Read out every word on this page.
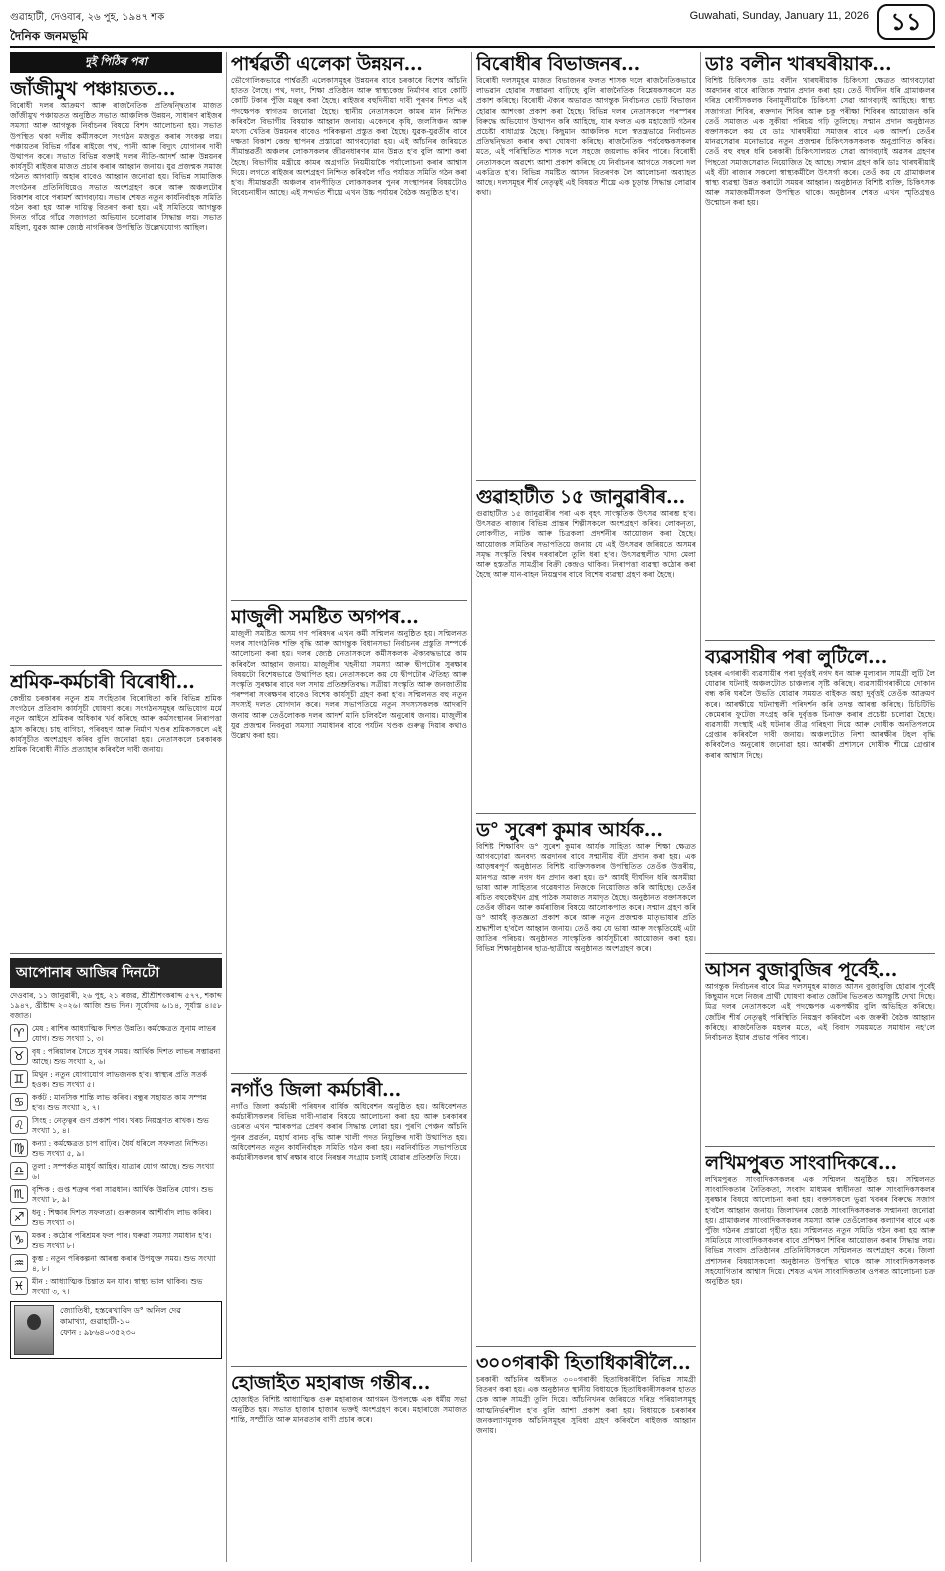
গুৱাহাটী, দেওবাৰ, ২৬ পুহ, ১৯৪৭ শক	Guwahati, Sunday, January 11, 2026
দৈনিক জনমভূমি	১১
দুই পিঠিৰ পৰা
জাঁজীমুখ পঞ্চায়তত...
বিৰোধী দলৰ আক্ৰমণ আৰু ৰাজনৈতিক প্ৰতিদ্বন্দ্বিতাৰ মাজত জাঁজীমুখ পঞ্চায়তত অনুষ্ঠিত সভাত আঞ্চলিক উন্নয়ন, সাধাৰণ ৰাইজৰ সমস্যা আৰু আগন্তুক নিৰ্বাচনৰ বিষয়ে বিশদ আলোচনা হয়। সভাত উপস্থিত থকা দলীয় কৰ্মীসকলে সংগঠন মজবুত কৰাৰ সংকল্প লয়। পঞ্চায়তৰ বিভিন্ন গাঁৱৰ ৰাইজে পথ, পানী আৰু বিদ্যুৎ যোগানৰ দাবী উত্থাপন কৰে। সভাত বিভিন্ন বক্তাই দলৰ নীতি-আদৰ্শ আৰু উন্নয়নৰ কাৰ্যসূচী ৰাইজৰ মাজত প্ৰচাৰ কৰাৰ আহ্বান জনায়। যুৱ প্ৰজন্মক সমাজ গঠনত আগবাঢ়ি অহাৰ বাবেও আহ্বান জনোৱা হয়। বিভিন্ন সামাজিক সংগঠনৰ প্ৰতিনিধিয়েও সভাত অংশগ্ৰহণ কৰে আৰু অঞ্চলটোৰ বিকাশৰ বাবে পৰামৰ্শ আগবঢ়ায়। সভাৰ শেষত নতুন কাৰ্যনিৰ্বাহক সমিতি গঠন কৰা হয় আৰু দায়িত্ব বিতৰণ কৰা হয়। এই সমিতিয়ে আগন্তুক দিনত গাঁৱে গাঁৱে সজাগতা অভিযান চলোৱাৰ সিদ্ধান্ত লয়। সভাত মহিলা, যুৱক আৰু জ্যেষ্ঠ নাগৰিকৰ উপস্থিতি উল্লেখযোগ্য আছিল।
শ্ৰমিক-কৰ্মচাৰী বিৰোধী...
কেন্দ্ৰীয় চৰকাৰৰ নতুন শ্ৰম সংহিতাৰ বিৰোধিতা কৰি বিভিন্ন শ্ৰমিক সংগঠনে প্ৰতিবাদ কাৰ্যসূচী ঘোষণা কৰে। সংগঠনসমূহৰ অভিযোগ মৰ্মে নতুন আইনে শ্ৰমিকৰ অধিকাৰ খৰ্ব কৰিছে আৰু কৰ্মসংস্থানৰ নিৰাপত্তা হ্ৰাস কৰিছে। চাহ বাগিচা, পৰিবহণ আৰু নিৰ্মাণ খণ্ডৰ শ্ৰমিকসকলে এই কাৰ্যসূচীত অংশগ্ৰহণ কৰিব বুলি জনোৱা হয়। নেতাসকলে চৰকাৰক শ্ৰমিক বিৰোধী নীতি প্ৰত্যাহাৰ কৰিবলৈ দাবী জনায়।
আপোনাৰ আজিৰ দিনটো
দেওবাৰ, ১১ জানুৱাৰী, ২৬ পুহ, ২১ ৰজৱ, শ্ৰীশ্ৰীশংকৰাব্দ ৫৭৭, শকাব্দ ১৯৪৭, খ্ৰীষ্টাব্দ ২০২৬। আজি শুভ দিন। সূৰ্যোদয় ৬।১৪, সূৰ্যাস্ত ৪।৫৮ বজাত।
♈	মেষ : ৰাশিৰ আধ্যাত্মিক দিশত উন্নতি। কৰ্মক্ষেত্ৰত সুনাম লাভৰ যোগ। শুভ সংখ্যা ১, ৩।
♉	বৃষ : পৰিয়ালৰ সৈতে সুখৰ সময়। আৰ্থিক দিশত লাভৰ সম্ভাৱনা আছে। শুভ সংখ্যা ২, ৬।
♊	মিথুন : নতুন যোগাযোগ লাভজনক হ'ব। স্বাস্থ্যৰ প্ৰতি সতৰ্ক হওক। শুভ সংখ্যা ৫।
♋	কৰ্কট : মানসিক শান্তি লাভ কৰিব। বন্ধুৰ সহায়ত কাম সম্পন্ন হ'ব। শুভ সংখ্যা ২, ৭।
♌	সিংহ : নেতৃত্বৰ গুণ প্ৰকাশ পাব। খৰচ নিয়ন্ত্ৰণত ৰাখক। শুভ সংখ্যা ১, ৪।
♍	কন্যা : কৰ্মক্ষেত্ৰত চাপ বাঢ়িব। ধৈৰ্য ধৰিলে সফলতা নিশ্চিত। শুভ সংখ্যা ৫, ৯।
♎	তুলা : সম্পৰ্কত মাধুৰ্য আহিব। যাত্ৰাৰ যোগ আছে। শুভ সংখ্যা ৬।
♏	বৃশ্চিক : গুপ্ত শত্ৰুৰ পৰা সাৱধান। আৰ্থিক উন্নতিৰ যোগ। শুভ সংখ্যা ৮, ৯।
♐	ধনু : শিক্ষাৰ দিশত সফলতা। গুৰুজনৰ আশীৰ্বাদ লাভ কৰিব। শুভ সংখ্যা ৩।
♑	মকৰ : কঠোৰ পৰিশ্ৰমৰ ফল পাব। ঘৰুৱা সমস্যা সমাধান হ'ব। শুভ সংখ্যা ৮।
♒	কুম্ভ : নতুন পৰিকল্পনা আৰম্ভ কৰাৰ উপযুক্ত সময়। শুভ সংখ্যা ৪, ৮।
♓	মীন : আধ্যাত্মিক চিন্তাত মন যাব। স্বাস্থ্য ভাল থাকিব। শুভ সংখ্যা ৩, ৭।
জ্যোতিষী, হস্তৰেখাবিদ ড° অনিল দেৱ
কামাখ্যা, গুৱাহাটী-১০
ফোন : ৯৮৬৪০৩৫২৩০
পাৰ্শ্বৱৰ্তী এলেকা উন্নয়ন...
ভৌগোলিকভাৱে পাৰ্শ্বৱৰ্তী এলেকাসমূহৰ উন্নয়নৰ বাবে চৰকাৰে বিশেষ আঁচনি হাতত লৈছে। পথ, দলং, শিক্ষা প্ৰতিষ্ঠান আৰু স্বাস্থ্যকেন্দ্ৰ নিৰ্মাণৰ বাবে কোটি কোটি টকাৰ পুঁজি মঞ্জুৰ কৰা হৈছে। ৰাইজৰ বহুদিনীয়া দাবী পূৰণৰ দিশত এই পদক্ষেপক স্বাগতম জনোৱা হৈছে। স্থানীয় নেতাসকলে কামৰ মান নিশ্চিত কৰিবলৈ বিভাগীয় বিষয়াক আহ্বান জনায়। একেদৰে কৃষি, জলসিঞ্চন আৰু মৎস্য খেতিৰ উন্নয়নৰ বাবেও পৰিকল্পনা প্ৰস্তুত কৰা হৈছে। যুৱক-যুৱতীৰ বাবে দক্ষতা বিকাশ কেন্দ্ৰ স্থাপনৰ প্ৰস্তাৱো আগবঢ়োৱা হয়। এই আঁচনিৰ জৰিয়তে সীমান্তৱৰ্তী অঞ্চলৰ লোকসকলৰ জীৱনধাৰণৰ মান উন্নত হ'ব বুলি আশা কৰা হৈছে। বিভাগীয় মন্ত্ৰীয়ে কামৰ অগ্ৰগতি নিয়মীয়াকৈ পৰ্যালোচনা কৰাৰ আশ্বাস দিয়ে। লগতে ৰাইজৰ অংশগ্ৰহণ নিশ্চিত কৰিবলৈ গাঁও পৰ্যায়ত সমিতি গঠন কৰা হ'ব। সীমান্তৱৰ্তী অঞ্চলৰ বানপীড়িত লোকসকলৰ পুনৰ সংস্থাপনৰ বিষয়টোও বিবেচনাধীন আছে। এই সন্দৰ্ভত শীঘ্ৰে এখন উচ্চ পৰ্যায়ৰ বৈঠক অনুষ্ঠিত হ'ব।
মাজুলী সমষ্টিত অগপৰ...
মাজুলী সমষ্টিত অসম গণ পৰিষদৰ এখন কৰ্মী সন্মিলন অনুষ্ঠিত হয়। সন্মিলনত দলৰ সাংগঠনিক শক্তি বৃদ্ধি আৰু আগন্তুক বিধানসভা নিৰ্বাচনৰ প্ৰস্তুতি সম্পৰ্কে আলোচনা কৰা হয়। দলৰ জ্যেষ্ঠ নেতাসকলে কৰ্মীসকলক ঐক্যবদ্ধভাৱে কাম কৰিবলৈ আহ্বান জনায়। মাজুলীৰ খহনীয়া সমস্যা আৰু দ্বীপটোৰ সুৰক্ষাৰ বিষয়টো বিশেষভাৱে উত্থাপিত হয়। নেতাসকলে কয় যে দ্বীপটোৰ ঐতিহ্য আৰু সংস্কৃতি সুৰক্ষাৰ বাবে দল সদায় প্ৰতিশ্ৰুতিবদ্ধ। সত্ৰীয়া সংস্কৃতি আৰু জনজাতীয় পৰম্পৰা সংৰক্ষণৰ বাবেও বিশেষ কাৰ্যসূচী গ্ৰহণ কৰা হ'ব। সন্মিলনত বহু নতুন সদস্যই দলত যোগদান কৰে। দলৰ সভাপতিয়ে নতুন সদস্যসকলক আদৰণি জনায় আৰু তেওঁলোকক দলৰ আদৰ্শ মানি চলিবলৈ অনুৰোধ জনায়। মাজুলীৰ যুৱ প্ৰজন্মৰ নিবনুৱা সমস্যা সমাধানৰ বাবে পৰ্যটন খণ্ডক গুৰুত্ব দিয়াৰ কথাও উল্লেখ কৰা হয়।
নগাঁও জিলা কৰ্মচাৰী...
নগাঁও জিলা কৰ্মচাৰী পৰিষদৰ বাৰ্ষিক অধিবেশন অনুষ্ঠিত হয়। অধিবেশনত কৰ্মচাৰীসকলৰ বিভিন্ন দাবী-দাৱাৰ বিষয়ে আলোচনা কৰা হয় আৰু চৰকাৰৰ ওচৰত এখন স্মাৰকপত্ৰ প্ৰেৰণ কৰাৰ সিদ্ধান্ত লোৱা হয়। পুৰণি পেঞ্চন আঁচনি পুনৰ প্ৰৱৰ্তন, মহাৰ্ঘ বানচ বৃদ্ধি আৰু খালী পদত নিযুক্তিৰ দাবী উত্থাপিত হয়। অধিবেশনত নতুন কাৰ্যনিৰ্বাহক সমিতি গঠন কৰা হয়। নৱনিৰ্বাচিত সভাপতিয়ে কৰ্মচাৰীসকলৰ স্বাৰ্থ ৰক্ষাৰ বাবে নিৰন্তৰ সংগ্ৰাম চলাই যোৱাৰ প্ৰতিশ্ৰুতি দিয়ে।
হোজাইত মহাৰাজ গন্তীৰ...
হোজাইত বিশিষ্ট আধ্যাত্মিক গুৰু মহাৰাজৰ আগমন উপলক্ষে এক ধৰ্মীয় সভা অনুষ্ঠিত হয়। সভাত হাজাৰ হাজাৰ ভক্তই অংশগ্ৰহণ কৰে। মহাৰাজে সমাজত শান্তি, সম্প্ৰীতি আৰু মানৱতাৰ বাণী প্ৰচাৰ কৰে।
বিৰোধীৰ বিভাজনৰ...
বিৰোধী দলসমূহৰ মাজত বিভাজনৰ ফলত শাসক দলে ৰাজনৈতিকভাৱে লাভৱান হোৱাৰ সম্ভাৱনা বাঢ়িছে বুলি ৰাজনৈতিক বিশ্লেষকসকলে মত প্ৰকাশ কৰিছে। বিৰোধী ঐক্যৰ অভাৱত আগন্তুক নিৰ্বাচনত ভোট বিভাজন হোৱাৰ আশংকা প্ৰকাশ কৰা হৈছে। বিভিন্ন দলৰ নেতাসকলে পৰস্পৰৰ বিৰুদ্ধে অভিযোগ উত্থাপন কৰি আহিছে, যাৰ ফলত এক মহাজোট গঠনৰ প্ৰচেষ্টা বাধাগ্ৰস্ত হৈছে। কিছুমান আঞ্চলিক দলে স্বতন্ত্ৰভাৱে নিৰ্বাচনত প্ৰতিদ্বন্দ্বিতা কৰাৰ কথা ঘোষণা কৰিছে। ৰাজনৈতিক পৰ্যবেক্ষকসকলৰ মতে, এই পৰিস্থিতিত শাসক দলে সহজে জয়লাভ কৰিব পাৰে। বিৰোধী নেতাসকলে অৱশ্যে আশা প্ৰকাশ কৰিছে যে নিৰ্বাচনৰ আগতে সকলো দল একত্ৰিত হ'ব। বিভিন্ন সমষ্টিত আসন বিতৰণক লৈ আলোচনা অব্যাহত আছে। দলসমূহৰ শীৰ্ষ নেতৃত্বই এই বিষয়ত শীঘ্ৰে এক চূড়ান্ত সিদ্ধান্ত লোৱাৰ কথা।
গুৱাহাটীত ১৫ জানুৱাৰীৰ...
গুৱাহাটীত ১৫ জানুৱাৰীৰ পৰা এক বৃহৎ সাংস্কৃতিক উৎসৱ আৰম্ভ হ'ব। উৎসৱত ৰাজ্যৰ বিভিন্ন প্ৰান্তৰ শিল্পীসকলে অংশগ্ৰহণ কৰিব। লোকনৃত্য, লোকগীত, নাটক আৰু চিত্ৰকলা প্ৰদৰ্শনীৰ আয়োজন কৰা হৈছে। আয়োজক সমিতিৰ সভাপতিয়ে জনায় যে এই উৎসৱৰ জৰিয়তে অসমৰ সমৃদ্ধ সংস্কৃতি বিশ্বৰ দৰবাৰলৈ তুলি ধৰা হ'ব। উৎসৱস্থলীত খাদ্য মেলা আৰু হস্ততাঁত সামগ্ৰীৰ বিক্ৰী কেন্দ্ৰও থাকিব। নিৰাপত্তা ব্যৱস্থা কঠোৰ কৰা হৈছে আৰু যান-বাহন নিয়ন্ত্ৰণৰ বাবে বিশেষ ব্যৱস্থা গ্ৰহণ কৰা হৈছে।
ড° সুৰেশ কুমাৰ আৰ্যক...
বিশিষ্ট শিক্ষাবিদ ড° সুৰেশ কুমাৰ আৰ্যক সাহিত্য আৰু শিক্ষা ক্ষেত্ৰত আগবঢ়োৱা অনবদ্য অৱদানৰ বাবে সন্মানীয় বঁটা প্ৰদান কৰা হয়। এক আড়ম্বৰপূৰ্ণ অনুষ্ঠানত বিশিষ্ট ব্যক্তিসকলৰ উপস্থিতিত তেওঁক উত্তৰীয়, মানপত্ৰ আৰু নগদ ধন প্ৰদান কৰা হয়। ড° আৰ্যই দীৰ্ঘদিন ধৰি অসমীয়া ভাষা আৰু সাহিত্যৰ গৱেষণাত নিজকে নিয়োজিত কৰি আহিছে। তেওঁৰ ৰচিত বহুকেইখন গ্ৰন্থ পাঠক সমাজত সমাদৃত হৈছে। অনুষ্ঠানত বক্তাসকলে তেওঁৰ জীৱন আৰু কৰ্মৰাজিৰ বিষয়ে আলোকপাত কৰে। সন্মান গ্ৰহণ কৰি ড° আৰ্যই কৃতজ্ঞতা প্ৰকাশ কৰে আৰু নতুন প্ৰজন্মক মাতৃভাষাৰ প্ৰতি শ্ৰদ্ধাশীল হ'বলৈ আহ্বান জনায়। তেওঁ কয় যে ভাষা আৰু সংস্কৃতিয়েই এটা জাতিৰ পৰিচয়। অনুষ্ঠানত সাংস্কৃতিক কাৰ্যসূচীৰো আয়োজন কৰা হয়। বিভিন্ন শিক্ষানুষ্ঠানৰ ছাত্ৰ-ছাত্ৰীয়ে অনুষ্ঠানত অংশগ্ৰহণ কৰে।
৩০০গৰাকী হিতাধিকাৰীলৈ...
চৰকাৰী আঁচনিৰ অধীনত ৩০০গৰাকী হিতাধিকাৰীলৈ বিভিন্ন সামগ্ৰী বিতৰণ কৰা হয়। এক অনুষ্ঠানত স্থানীয় বিধায়কে হিতাধিকাৰীসকলৰ হাতত চেক আৰু সামগ্ৰী তুলি দিয়ে। আঁচনিখনৰ জৰিয়তে দৰিদ্ৰ পৰিয়ালসমূহ আত্মনিৰ্ভৰশীল হ'ব বুলি আশা প্ৰকাশ কৰা হয়। বিধায়কে চৰকাৰৰ জনকল্যাণমূলক আঁচনিসমূহৰ সুবিধা গ্ৰহণ কৰিবলৈ ৰাইজক আহ্বান জনায়।
ডাঃ বলীন খাৰঘৰীয়াক...
বিশিষ্ট চিকিৎসক ডাঃ বলীন খাৰঘৰীয়াক চিকিৎসা ক্ষেত্ৰত আগবঢ়োৱা অৱদানৰ বাবে ৰাজ্যিক সন্মান প্ৰদান কৰা হয়। তেওঁ দীৰ্ঘদিন ধৰি গ্ৰামাঞ্চলৰ দৰিদ্ৰ ৰোগীসকলক বিনামূলীয়াকৈ চিকিৎসা সেৱা আগবঢ়াই আহিছে। স্বাস্থ্য সজাগতা শিবিৰ, ৰক্তদান শিবিৰ আৰু চকু পৰীক্ষা শিবিৰৰ আয়োজন কৰি তেওঁ সমাজত এক সুকীয়া পৰিচয় গঢ়ি তুলিছে। সন্মান প্ৰদান অনুষ্ঠানত বক্তাসকলে কয় যে ডাঃ খাৰঘৰীয়া সমাজৰ বাবে এক আদৰ্শ। তেওঁৰ মানৱসেৱাৰ মনোভাৱে নতুন প্ৰজন্মৰ চিকিৎসকসকলক অনুপ্ৰাণিত কৰিব। তেওঁ বহু বছৰ ধৰি চৰকাৰী চিকিৎসালয়ত সেৱা আগবঢ়াই অৱসৰ গ্ৰহণৰ পিছতো সমাজসেৱাত নিয়োজিত হৈ আছে। সন্মান গ্ৰহণ কৰি ডাঃ খাৰঘৰীয়াই এই বঁটা ৰাজ্যৰ সকলো স্বাস্থ্যকৰ্মীলৈ উৎসৰ্গা কৰে। তেওঁ কয় যে গ্ৰামাঞ্চলৰ স্বাস্থ্য ব্যৱস্থা উন্নত কৰাটো সময়ৰ আহ্বান। অনুষ্ঠানত বিশিষ্ট ব্যক্তি, চিকিৎসক আৰু সমাজকৰ্মীসকল উপস্থিত থাকে। অনুষ্ঠানৰ শেষত এখন স্মৃতিগ্ৰন্থও উন্মোচন কৰা হয়।
ব্যৱসায়ীৰ পৰা লুটিলে...
চহৰৰ এগৰাকী ব্যৱসায়ীৰ পৰা দুৰ্বৃত্তই নগদ ধন আৰু মূল্যবান সামগ্ৰী লুটি লৈ যোৱাৰ ঘটনাই অঞ্চলটোত চাঞ্চল্যৰ সৃষ্টি কৰিছে। ব্যৱসায়ীগৰাকীয়ে দোকান বন্ধ কৰি ঘৰলৈ উভতি যোৱাৰ সময়ত বাইকত অহা দুৰ্বৃত্তই তেওঁক আক্ৰমণ কৰে। আৰক্ষীয়ে ঘটনাস্থলী পৰিদৰ্শন কৰি তদন্ত আৰম্ভ কৰিছে। চিচিটিভি কেমেৰাৰ ফুটেজ সংগ্ৰহ কৰি দুৰ্বৃত্তক চিনাক্ত কৰাৰ প্ৰচেষ্টা চলোৱা হৈছে। ব্যৱসায়ী সংস্থাই এই ঘটনাৰ তীব্ৰ গৰিহণা দিয়ে আৰু দোষীক অনতিপলমে গ্ৰেপ্তাৰ কৰিবলৈ দাবী জনায়। অঞ্চলটোত নিশা আৰক্ষীৰ টহল বৃদ্ধি কৰিবলৈও অনুৰোধ জনোৱা হয়। আৰক্ষী প্ৰশাসনে দোষীক শীঘ্ৰে গ্ৰেপ্তাৰ কৰাৰ আশ্বাস দিছে।
আসন বুজাবুজিৰ পূৰ্বেই...
আগন্তুক নিৰ্বাচনৰ বাবে মিত্ৰ দলসমূহৰ মাজত আসন বুজাবুজি হোৱাৰ পূৰ্বেই কিছুমান দলে নিজৰ প্ৰাৰ্থী ঘোষণা কৰাত জোঁটৰ ভিতৰত অসন্তুষ্টি দেখা দিছে। মিত্ৰ দলৰ নেতাসকলে এই পদক্ষেপক একপক্ষীয় বুলি অভিহিত কৰিছে। জোঁটৰ শীৰ্ষ নেতৃত্বই পৰিস্থিতি নিয়ন্ত্ৰণ কৰিবলৈ এক জৰুৰী বৈঠক আহ্বান কৰিছে। ৰাজনৈতিক মহলৰ মতে, এই বিবাদ সময়মতে সমাধান নহ'লে নিৰ্বাচনত ইয়াৰ প্ৰভাৱ পৰিব পাৰে।
লখিমপুৰত সাংবাদিকৰে...
লখিমপুৰত সাংবাদিকসকলৰ এক সন্মিলন অনুষ্ঠিত হয়। সন্মিলনত সাংবাদিকতাৰ নৈতিকতা, সংবাদ মাধ্যমৰ স্বাধীনতা আৰু সাংবাদিকসকলৰ সুৰক্ষাৰ বিষয়ে আলোচনা কৰা হয়। বক্তাসকলে ভুৱা খবৰৰ বিৰুদ্ধে সজাগ হ'বলৈ আহ্বান জনায়। জিলাখনৰ জ্যেষ্ঠ সাংবাদিকসকলক সন্মাননা জনোৱা হয়। গ্ৰামাঞ্চলৰ সাংবাদিকসকলৰ সমস্যা আৰু তেওঁলোকৰ কল্যাণৰ বাবে এক পুঁজি গঠনৰ প্ৰস্তাৱো গৃহীত হয়। সন্মিলনত নতুন সমিতি গঠন কৰা হয় আৰু সমিতিয়ে সাংবাদিকসকলৰ বাবে প্ৰশিক্ষণ শিবিৰ আয়োজন কৰাৰ সিদ্ধান্ত লয়। বিভিন্ন সংবাদ প্ৰতিষ্ঠানৰ প্ৰতিনিধিসকলে সন্মিলনত অংশগ্ৰহণ কৰে। জিলা প্ৰশাসনৰ বিষয়াসকলো অনুষ্ঠানত উপস্থিত থাকে আৰু সাংবাদিকসকলক সহযোগিতাৰ আশ্বাস দিয়ে। শেষত এখন সাংবাদিকতাৰ ওপৰত আলোচনা চক্ৰ অনুষ্ঠিত হয়।
